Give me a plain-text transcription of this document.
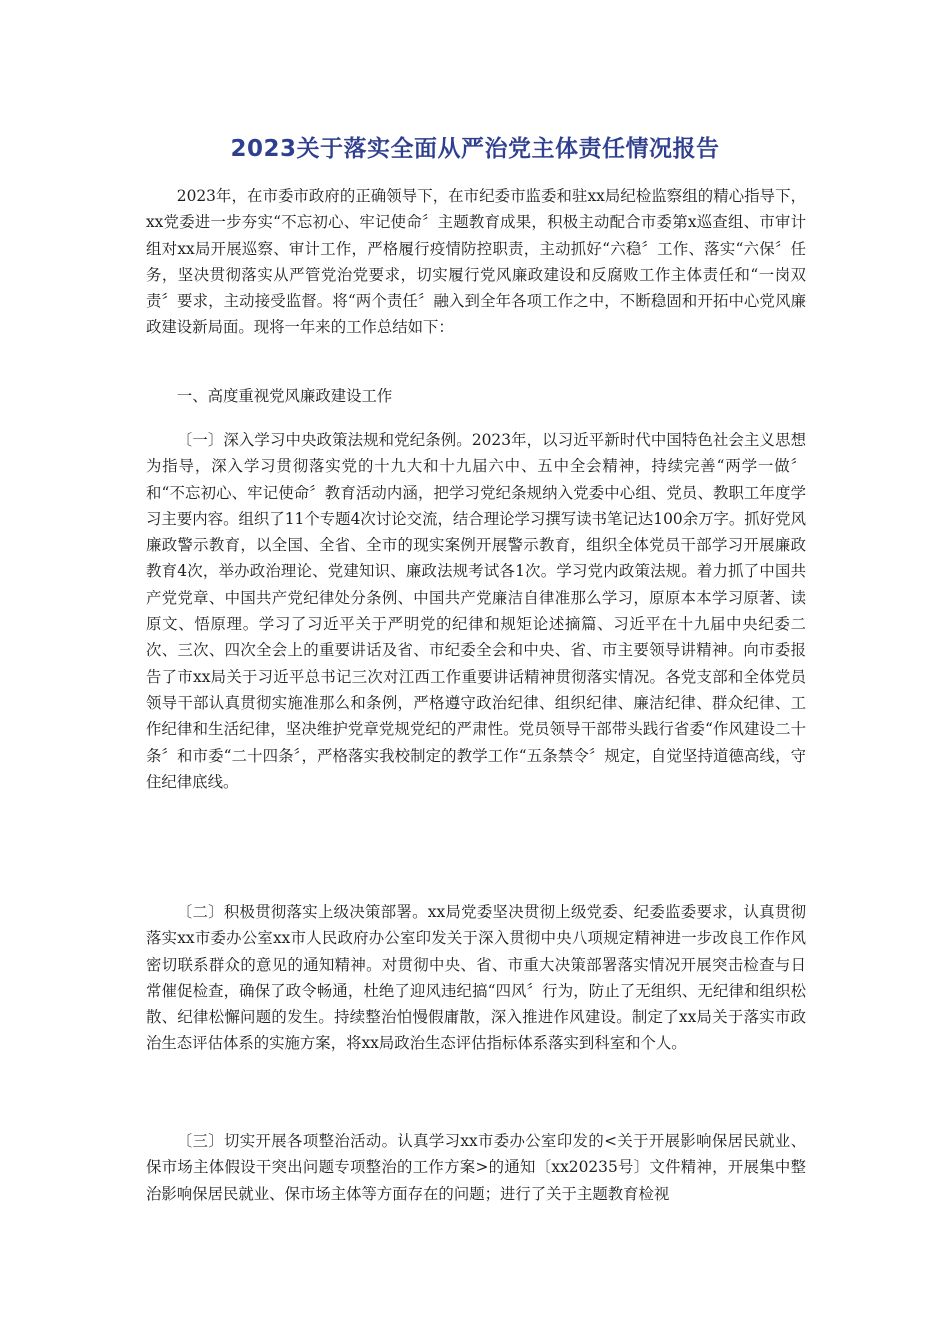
2023关于落实全面从严治党主体责任情况报告

2023年，在市委市政府的正确领导下，在市纪委市监委和驻xx局纪检监察组的精心指导下，xx党委进一步夯实“不忘初心、牢记使命〞主题教育成果，积极主动配合市委第x巡查组、市审计组对xx局开展巡察、审计工作，严格履行疫情防控职责，主动抓好“六稳〞工作、落实“六保〞任务，坚决贯彻落实从严管党治党要求，切实履行党风廉政建设和反腐败工作主体责任和“一岗双责〞要求，主动接受监督。将“两个责任〞融入到全年各项工作之中，不断稳固和开拓中心党风廉政建设新局面。现将一年来的工作总结如下：

一、高度重视党风廉政建设工作

〔一〕深入学习中央政策法规和党纪条例。2023年，以习近平新时代中国特色社会主义思想为指导，深入学习贯彻落实党的十九大和十九届六中、五中全会精神，持续完善“两学一做〞和“不忘初心、牢记使命〞教育活动内涵，把学习党纪条规纳入党委中心组、党员、教职工年度学习主要内容。组织了11个专题4次讨论交流，结合理论学习撰写读书笔记达100余万字。抓好党风廉政警示教育，以全国、全省、全市的现实案例开展警示教育，组织全体党员干部学习开展廉政教育4次，举办政治理论、党建知识、廉政法规考试各1次。学习党内政策法规。着力抓了中国共产党党章、中国共产党纪律处分条例、中国共产党廉洁自律准那么学习，原原本本学习原著、读原文、悟原理。学习了习近平关于严明党的纪律和规矩论述摘篇、习近平在十九届中央纪委二次、三次、四次全会上的重要讲话及省、市纪委全会和中央、省、市主要领导讲精神。向市委报告了市xx局关于习近平总书记三次对江西工作重要讲话精神贯彻落实情况。各党支部和全体党员领导干部认真贯彻实施准那么和条例，严格遵守政治纪律、组织纪律、廉洁纪律、群众纪律、工作纪律和生活纪律，坚决维护党章党规党纪的严肃性。党员领导干部带头践行省委“作风建设二十条〞和市委“二十四条〞，严格落实我校制定的教学工作“五条禁令〞规定，自觉坚持道德高线，守住纪律底线。

〔二〕积极贯彻落实上级决策部署。xx局党委坚决贯彻上级党委、纪委监委要求，认真贯彻落实xx市委办公室xx市人民政府办公室印发关于深入贯彻中央八项规定精神进一步改良工作作风密切联系群众的意见的通知精神。对贯彻中央、省、市重大决策部署落实情况开展突击检查与日常催促检查，确保了政令畅通，杜绝了迎风违纪搞“四风〞行为，防止了无组织、无纪律和组织松散、纪律松懈问题的发生。持续整治怕慢假庸散，深入推进作风建设。制定了xx局关于落实市政治生态评估体系的实施方案，将xx局政治生态评估指标体系落实到科室和个人。

〔三〕切实开展各项整治活动。认真学习xx市委办公室印发的<关于开展影响保居民就业、保市场主体假设干突出问题专项整治的工作方案>的通知〔xx20235号〕文件精神，开展集中整治影响保居民就业、保市场主体等方面存在的问题；进行了关于主题教育检视
